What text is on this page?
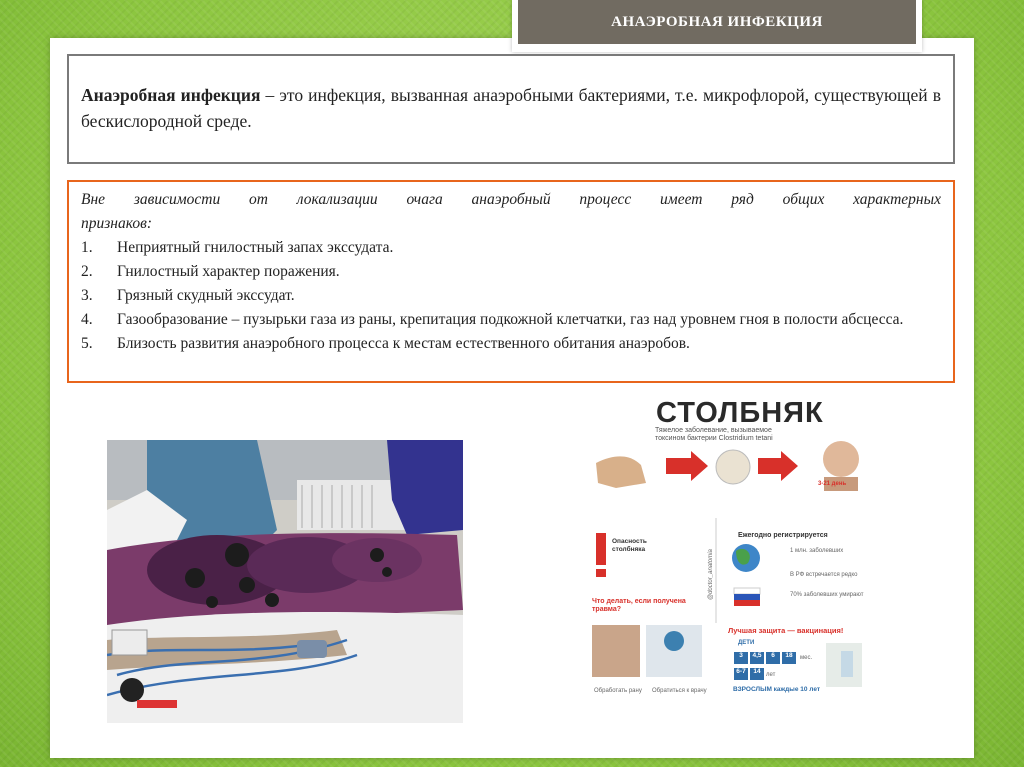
АНАЭРОБНАЯ ИНФЕКЦИЯ
Анаэробная инфекция – это инфекция, вызванная анаэробными бактериями, т.е. микрофлорой, существующей в бескислородной среде.
Вне зависимости от локализации очага анаэробный процесс имеет ряд общих характерных
признаков:
1.	Неприятный гнилостный запах экссудата.
2.	Гнилостный характер поражения.
3.	Грязный скудный экссудат.
4.	Газообразование – пузырьки газа из раны, крепитация подкожной клетчатки, газ над уровнем гноя в полости абсцесса.
5.	Близость развития анаэробного процесса к местам естественного обитания анаэробов.
СТОЛБНЯК
Тяжелое заболевание, вызываемое токсином бактерии Clostridium tetani
3-21 день
Опасность столбняка
Ежегодно регистрируется
1 млн. заболевших
В РФ встречается редко
70% заболевших умирают
Что делать, если получена травма?
Лучшая защита — вакцинация!
ДЕТИ
мес.
лет
ВЗРОСЛЫМ каждые 10 лет
Обработать рану Обратиться к врачу
@doctor_anatomia
3	4,5	6	18
6-7	14
